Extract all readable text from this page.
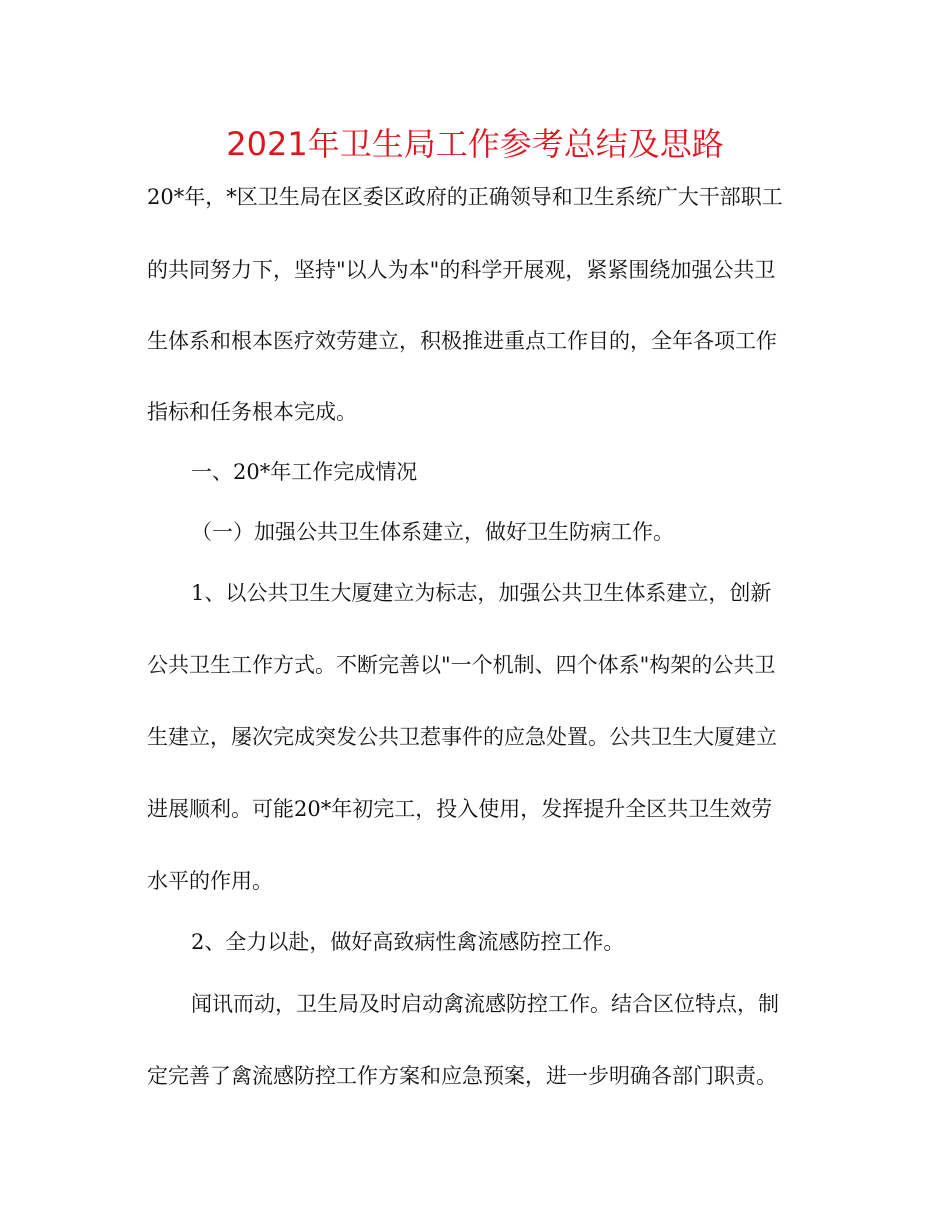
2021年卫生局工作参考总结及思路
20*年，*区卫生局在区委区政府的正确领导和卫生系统广大干部职工
的共同努力下，坚持"以人为本"的科学开展观，紧紧围绕加强公共卫
生体系和根本医疗效劳建立，积极推进重点工作目的，全年各项工作
指标和任务根本完成。
一、20*年工作完成情况
（一）加强公共卫生体系建立，做好卫生防病工作。
1、以公共卫生大厦建立为标志，加强公共卫生体系建立，创新
公共卫生工作方式。不断完善以"一个机制、四个体系"构架的公共卫
生建立，屡次完成突发公共卫惹事件的应急处置。公共卫生大厦建立
进展顺利。可能20*年初完工，投入使用，发挥提升全区共卫生效劳
水平的作用。
2、全力以赴，做好高致病性禽流感防控工作。
闻讯而动，卫生局及时启动禽流感防控工作。结合区位特点，制
定完善了禽流感防控工作方案和应急预案，进一步明确各部门职责。
